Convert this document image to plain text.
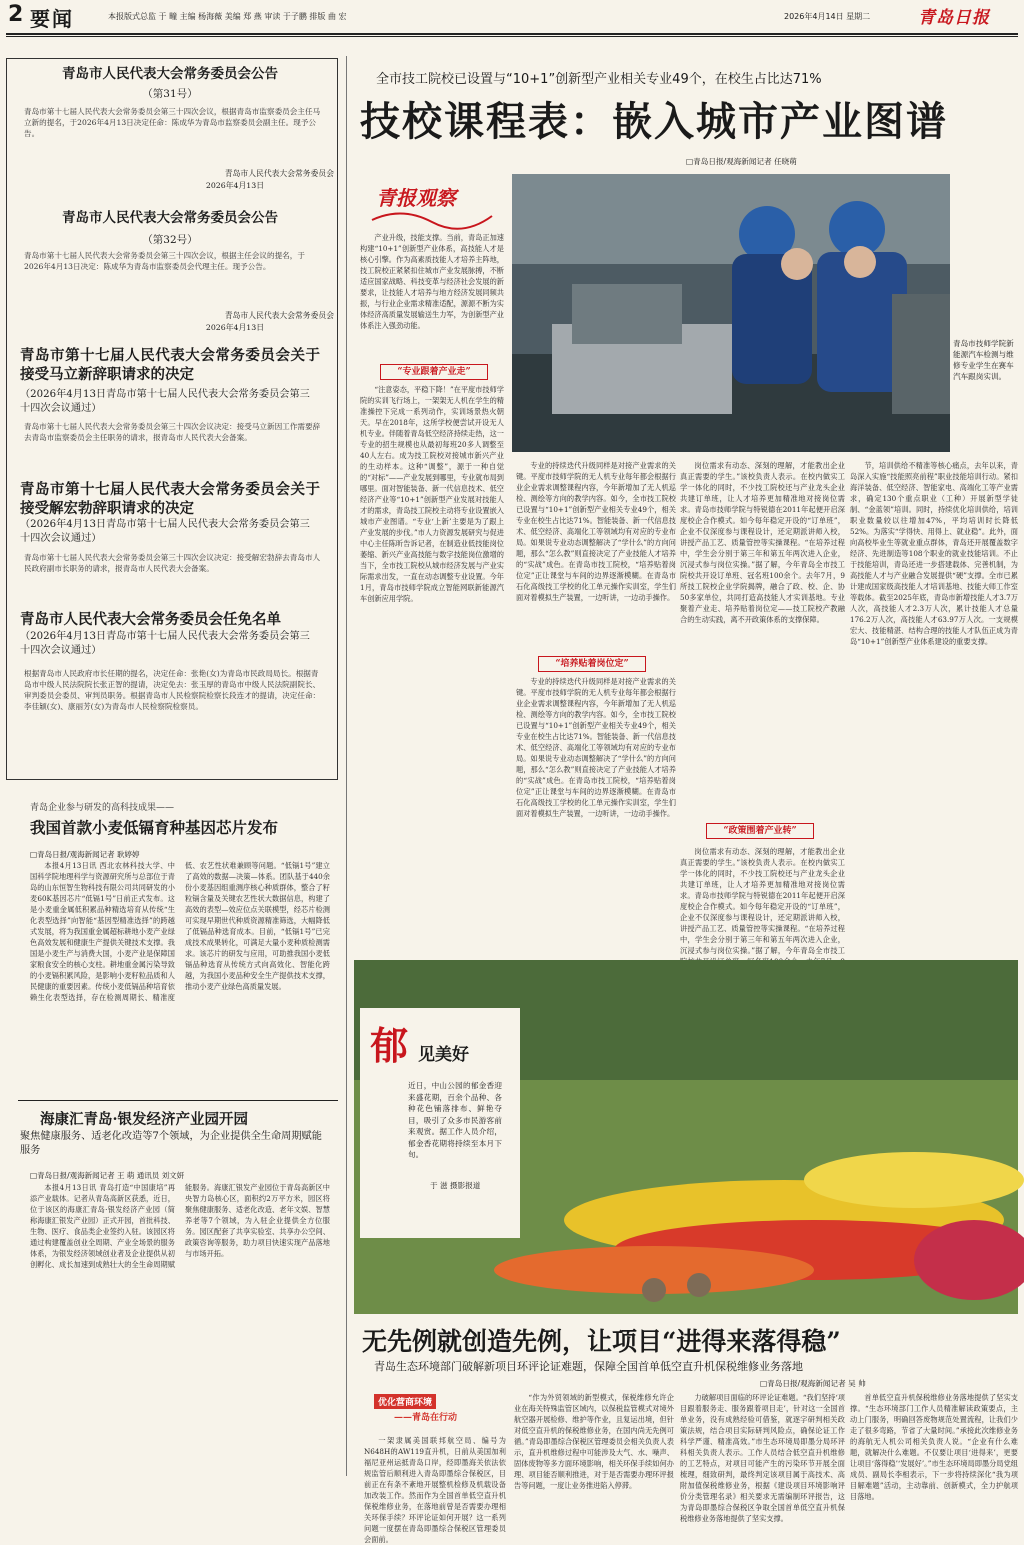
2 要闻	本报版式总监 于 疃 主编 杨海薇 美编 郑 燕 审读 于子鹏 排版 曲 宏	2026年4月14日 星期二	青岛日报
青岛市人民代表大会常务委员会公告
（第31号）
青岛市第十七届人民代表大会常务委员会第三十四次会议，根据青岛市监察委员会主任马立新的提名，于2026年4月13日决定任命：陈成华为青岛市监察委员会副主任。现予公告。
青岛市人民代表大会常务委员会
2026年4月13日
青岛市人民代表大会常务委员会公告
（第32号）
青岛市第十七届人民代表大会常务委员会第三十四次会议，根据主任会议的提名，于2026年4月13日决定：陈成华为青岛市监察委员会代理主任。现予公告。
青岛市人民代表大会常务委员会
2026年4月13日
青岛市第十七届人民代表大会常务委员会关于接受马立新辞职请求的决定
（2026年4月13日青岛市第十七届人民代表大会常务委员会第三十四次会议通过）
青岛市第十七届人民代表大会常务委员会第三十四次会议决定：接受马立新因工作需要辞去青岛市监察委员会主任职务的请求，报青岛市人民代表大会备案。
青岛市第十七届人民代表大会常务委员会关于接受解宏勃辞职请求的决定
（2026年4月13日青岛市第十七届人民代表大会常务委员会第三十四次会议通过）
青岛市第十七届人民代表大会常务委员会第三十四次会议决定：接受解宏勃辞去青岛市人民政府副市长职务的请求，报青岛市人民代表大会备案。
青岛市人民代表大会常务委员会任免名单
（2026年4月13日青岛市第十七届人民代表大会常务委员会第三十四次会议通过）
根据青岛市人民政府市长任期的提名，决定任命：张艳(女)为青岛市民政局局长。根据青岛市中级人民法院院长张正智的提请，决定免去：张玉厚的青岛市中级人民法院副院长、审判委员会委员、审判员职务。根据青岛市人民检察院检察长段连才的提请，决定任命：李佳颖(女)、康丽芳(女)为青岛市人民检察院检察员。
青岛企业参与研发的高科技成果——
我国首款小麦低镉育种基因芯片发布
□青岛日报/观海新闻记者 耿婷婷

本报4月13日讯 西北农林科技大学、中国科学院地理科学与资源研究所与总部位于青岛的山东恒智生物科技有限公司共同研发的小麦60K基因芯片“低镉1号”日前正式发布。这是小麦重金属低积累品种精选培育从传统“生化表型选择”向智能“基因型精准选择”的跨越式发展，将为我国重金属超标耕地小麦产业绿色高效发展和健康生产提供关键技术支撑。我国是小麦生产与消费大国，小麦产业是保障国家粮食安全的核心支柱。耕地重金属污染导致的小麦镉积累风险，是影响小麦籽粒品质和人民健康的重要因素。传统小麦低镉品种培育依赖生化表型选择，存在检测周期长、精准度低、农艺性状难兼顾等问题。“低镉1号”建立了高效的数据—决策—体系。团队基于440余份小麦基因组重测序核心种质群体，整合了籽粒镉含量及关键农艺性状大数据信息，构建了高效的表型—效应位点关联模型，经芯片检测可实现早期世代种质资源精准筛选，大幅降低了低镉品种选育成本。目前，“低镉1号”已完成技术成果转化，可满足大量小麦种质检测需求。该芯片的研发与应用，可助推我国小麦低镉品种选育从传统方式向高效化、智能化跨越，为我国小麦品种安全生产提供技术支撑，推动小麦产业绿色高质量发展。

海康汇青岛·银发经济产业园开园
聚焦健康服务、适老化改造等7个领域，为企业提供全生命周期赋能服务
□青岛日报/观海新闻记者 王 萌 通讯员 刘文妍

本报4月13日讯 青岛打造“中国康培”再添产业载体。记者从青岛高新区获悉，近日，位于该区的海康汇青岛·银发经济产业园（简称海康汇银发产业园）正式开园，首批科技、生物、医疗、食品类企业签约入驻。该园区将通过构建覆盖创业全周期、产业全场景的服务体系，为银发经济领域创业者及企业提供从初创孵化、成长加速到成熟壮大的全生命周期赋能服务。海康汇银发产业园位于青岛高新区中央智力岛核心区，面积约2万平方米，园区将聚焦健康服务、适老化改造、老年文娱、智慧养老等7个领域，为入驻企业提供全方位服务。园区配套了共享实验室、共享办公空间、政策咨询等服务，助力项目快速实现产品落地与市场开拓。

全市技工院校已设置与“10+1”创新型产业相关专业49个，在校生占比达71%
技校课程表：嵌入城市产业图谱
□青岛日报/观海新闻记者 任晓萌
青报观察

产业升级，技能支撑。当前，青岛正加速构建“10+1”创新型产业体系，高技能人才是核心引擎。作为高素质技能人才培养主阵地，技工院校正紧紧扣住城市产业发展脉搏，不断适应国家战略、科技变革与经济社会发展的新要求，让技能人才培养与地方经济发展同频共振，与行业企业需求精准适配，源源不断为实体经济高质量发展输送生力军，为创新型产业体系注入强劲动能。

“专业跟着产业走”

“注意姿态，平稳下降！”在平度市技师学院的实训飞行场上，一架架无人机在学生的精准操控下完成一系列动作，实训场景热火朝天。早在2018年，这所学校便尝试开设无人机专业。伴随着青岛低空经济持续走热，这一专业的招生规模也从最初每班20多人调整至40人左右。成为技工院校对接城市新兴产业的生动样本。这种“调整”，源于一种自觉的“对标”——产业发展到哪里，专业就布局到哪里。面对智能装备、新一代信息技术、低空经济产业等“10+1”创新型产业发展对技能人才的需求，青岛技工院校主动将专业设置嵌入城市产业图谱。“专业‘上新’主要是为了跟上产业发展的步伐。”市人力资源发展研究与促进中心主任陈昕告诉记者，在制造业低技能岗位萎缩、新兴产业高技能与数字技能岗位激增的当下，全市技工院校从城市经济发展与产业实际需求出发，一直在动态调整专业设置。今年1月，青岛市技师学院成立智能网联新能源汽车创新应用学院。

青岛市技师学院新能源汽车检测与维修专业学生在赛车汽车跟岗实训。

专业的持续迭代升级同样是对接产业需求的关键。平度市技师学院的无人机专业每年都会根据行业企业需求调整课程内容，今年新增加了无人机巡检、测绘等方向的教学内容。如今，全市技工院校已设置与“10+1”创新型产业相关专业49个，相关专业在校生占比达71%。智能装备、新一代信息技术、低空经济、高端化工等领域均有对应的专业布局。如果说专业动态调整解决了“学什么”的方向问题，那么“怎么教”则直接决定了产业技能人才培养的“实战”成色。在青岛市技工院校，“培养贴着岗位定”正让课堂与车间的边界逐渐模糊。在青岛市石化高级技工学校的化工单元操作实训室，学生们面对着模拟生产装置，一边听讲，一边动手操作。

“培养贴着岗位定”

专业的持续迭代升级同样是对接产业需求的关键。平度市技师学院的无人机专业每年都会根据行业企业需求调整课程内容，今年新增加了无人机巡检、测绘等方向的教学内容。如今，全市技工院校已设置与“10+1”创新型产业相关专业49个，相关专业在校生占比达71%。智能装备、新一代信息技术、低空经济、高端化工等领域均有对应的专业布局。如果说专业动态调整解决了“学什么”的方向问题，那么“怎么教”则直接决定了产业技能人才培养的“实战”成色。在青岛市技工院校，“培养贴着岗位定”正让课堂与车间的边界逐渐模糊。在青岛市石化高级技工学校的化工单元操作实训室，学生们面对着模拟生产装置，一边听讲，一边动手操作。

岗位需求有动态、深刻的理解，才能教出企业真正需要的学生。”该校负责人表示。在校内做实工学一体化的同时，不少技工院校还与产业龙头企业共建订单班，让人才培养更加精准地对接岗位需求。青岛市技师学院与特锐德在2011年起便开启深度校企合作模式。如今每年稳定开设的“订单班”，企业不仅深度参与课程设计，还定期派讲师入校，讲授产品工艺、质量管控等实操课程。“在培养过程中，学生会分别于第三年和第五年两次进入企业，沉浸式参与岗位实操。”据了解，今年青岛全市技工院校共开设订单班、冠名班100余个。去年7月，9所技工院校企业学院揭牌，融合了政、校、企、协50多家单位，共同打造高技能人才实训基地。专业聚着产业走、培养贴着岗位定——技工院校产教融合的生动实践，离不开政策体系的支撑保障。

“政策围着产业转”

岗位需求有动态、深刻的理解，才能教出企业真正需要的学生。”该校负责人表示。在校内做实工学一体化的同时，不少技工院校还与产业龙头企业共建订单班，让人才培养更加精准地对接岗位需求。青岛市技师学院与特锐德在2011年起便开启深度校企合作模式。如今每年稳定开设的“订单班”，企业不仅深度参与课程设计，还定期派讲师入校，讲授产品工艺、质量管控等实操课程。“在培养过程中，学生会分别于第三年和第五年两次进入企业，沉浸式参与岗位实操。”据了解，今年青岛全市技工

节，培训供给不精准等核心痛点，去年以来，青岛深入实施“技能照亮前程”职业技能培训行动。紧扣海洋装备、低空经济、智能家电、高端化工等产业需求，确定130个重点职业（工种）开展新型学徒制、“金蓝领”培训。同时，持续优化培训供给，培训职业数量较以往增加47%，平均培训时长降低52%。为落实“学得快、用得上、就业稳”。此外，面向高校毕业生等就业重点群体，青岛还开展覆盖数字经济、先进制造等108个职业的就业技能培训。不止于技能培训，青岛还进一步搭建载体、完善机制，为高技能人才与产业融合发展提供“硬”支撑。全市已累计建成国家级高技能人才培训基地、技能大师工作室等载体。截至2025年底，青岛市新增技能人才3.7万人次，高技能人才2.3万人次，累计技能人才总量176.2万人次，高技能人才63.97万人次。一支规模宏大、技能精湛、结构合理的技能人才队伍正成为青岛“10+1”创新型产业体系建设的重要支撑。

郁 见美好
近日，中山公园的郁金香迎来盛花期，百余个品种、各种花色铺落排布、鲜艳夺目，吸引了众多市民游客前来观赏。据工作人员介绍，郁金香花期将持续至本月下旬。
于 滋 摄影报道
无先例就创造先例，让项目“进得来落得稳”
青岛生态环境部门破解新项目环评论证难题，保障全国首单低空直升机保税维修业务落地
□青岛日报/观海新闻记者 吴 帅
优化营商环境
——青岛在行动

一架隶属美国联邦航空局、编号为N648H的AW119直升机，日前从美国加利福尼亚州运抵青岛口岸，经即墨海关依法依规监管后顺利进入青岛即墨综合保税区，目前正在有条不紊地开展整机检修及机载设备加改装工作。然而作为全国首单低空直升机保税维修业务，在落地前曾是否需要办理相关环保手续？环评论证如何开展？这一系列问题一度摆在青岛即墨综合保税区管理委员会面前。

“作为外贸领域的新型模式，保税维修允许企业在海关特殊监管区域内，以保税监管模式对境外航空器开展检修、维护等作业，且复运出境，但针对低空直升机的保税维修业务，在国内尚无先例可循。”青岛即墨综合保税区管理委员会相关负责人表示，直升机维修过程中可能涉及大气、水、噪声、固体废物等多方面环境影响，相关环保手续如何办理、项目能否顺利推进，对于是否需要办理环评报告等问题，一度让业务推进陷入停滞。

力破解项目面临的环评论证难题。“我们坚持‘项目跟着服务走、服务跟着项目走’，针对这一全国首单业务，没有成熟经验可借鉴，就逐字研判相关政策法规，结合项目实际研判风险点，确保论证工作科学严谨、精准高效。”市生态环境局即墨分局环评科相关负责人表示。工作人员结合低空直升机维修的工艺特点，对项目可能产生的污染环节开展全面梳理，细致研判，最终判定该项目属于高技术、高附加值保税维修业务，根据《建设项目环境影响评价分类管理名录》相关要求无需编制环评报告，这为青岛即墨综合保税区争取全国首单低空直升机保税维修业务落地提供了坚实支撑。

首单低空直升机保税维修业务落地提供了坚实支撑。“生态环境部门工作人员精准解读政策要点，主动上门服务，明确回答废物规范处置流程，让我们少走了很多弯路，节省了大量时间。”承接此次维修业务的海航无人机公司相关负责人说。“企业有什么难题，就解决什么难题。不仅要让项目‘进得来’，更要让项目‘落得稳’‘发展好’。”市生态环境局即墨分局党组成员、副局长李相表示，下一步将持续深化“我为项目解难题”活动，主动靠前、创新模式，全力护航项目落地。
